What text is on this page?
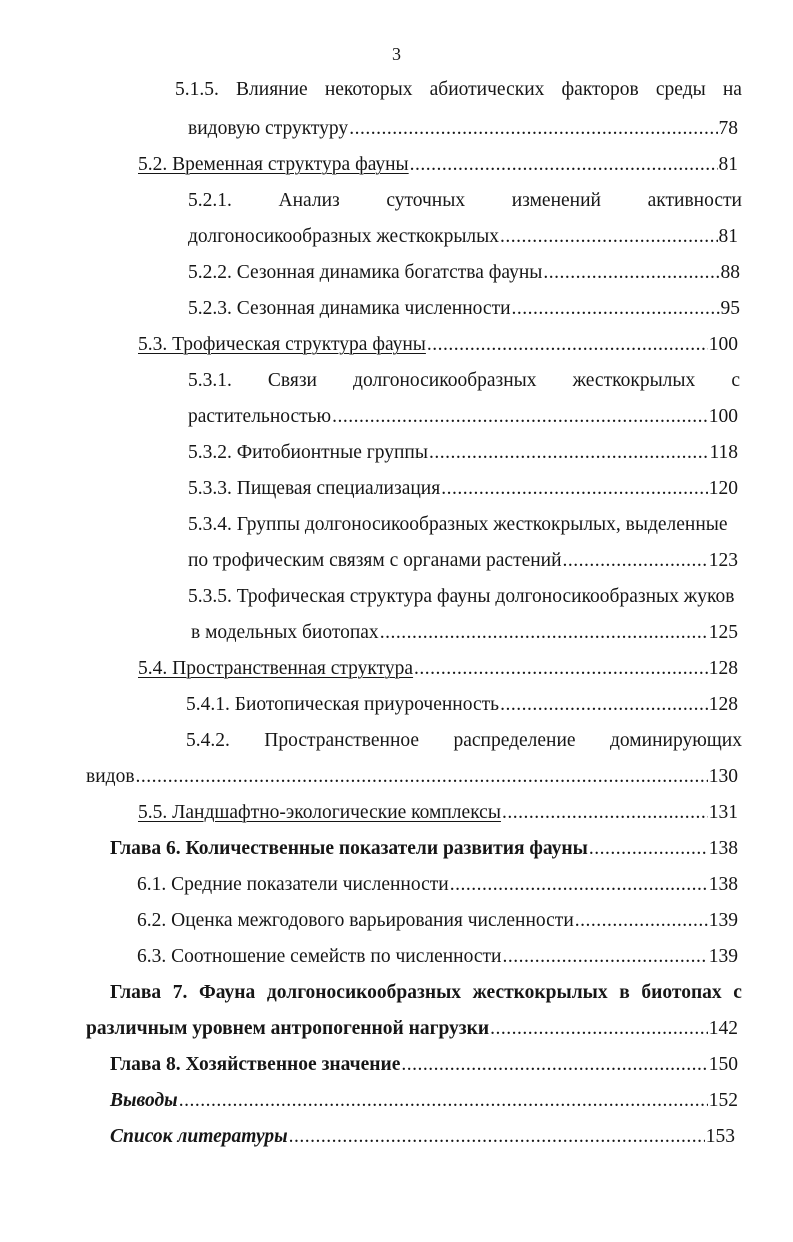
3
5.1.5. Влияние некоторых абиотических факторов среды на
видовую структуру .....	78
5.2. Временная структура фауны .....	81
5.2.1. Анализ суточных изменений активности
долгоносикообразных жесткокрылых .....	81
5.2.2. Сезонная динамика богатства фауны .....	88
5.2.3. Сезонная динамика численности .....	95
5.3. Трофическая структура фауны .....	100
5.3.1. Связи долгоносикообразных жесткокрылых с
растительностью .....	100
5.3.2. Фитобионтные группы .....	118
5.3.3. Пищевая специализация .....	120
5.3.4. Группы долгоносикообразных жесткокрылых, выделенные
по трофическим связям с органами растений .....	123
5.3.5. Трофическая структура фауны долгоносикообразных жуков
в модельных биотопах .....	125
5.4. Пространственная структура .....	128
5.4.1. Биотопическая приуроченность .....	128
5.4.2. Пространственное распределение доминирующих
видов .....	130
5.5. Ландшафтно-экологические комплексы .....	131
Глава 6. Количественные показатели развития фауны .....	138
6.1. Средние показатели численности .....	138
6.2. Оценка межгодового варьирования численности .....	139
6.3. Соотношение семейств по численности .....	139
Глава 7. Фауна долгоносикообразных жесткокрылых в биотопах с
различным уровнем антропогенной нагрузки .....	142
Глава 8. Хозяйственное значение .....	150
Выводы .....	152
Список литературы .....	153
